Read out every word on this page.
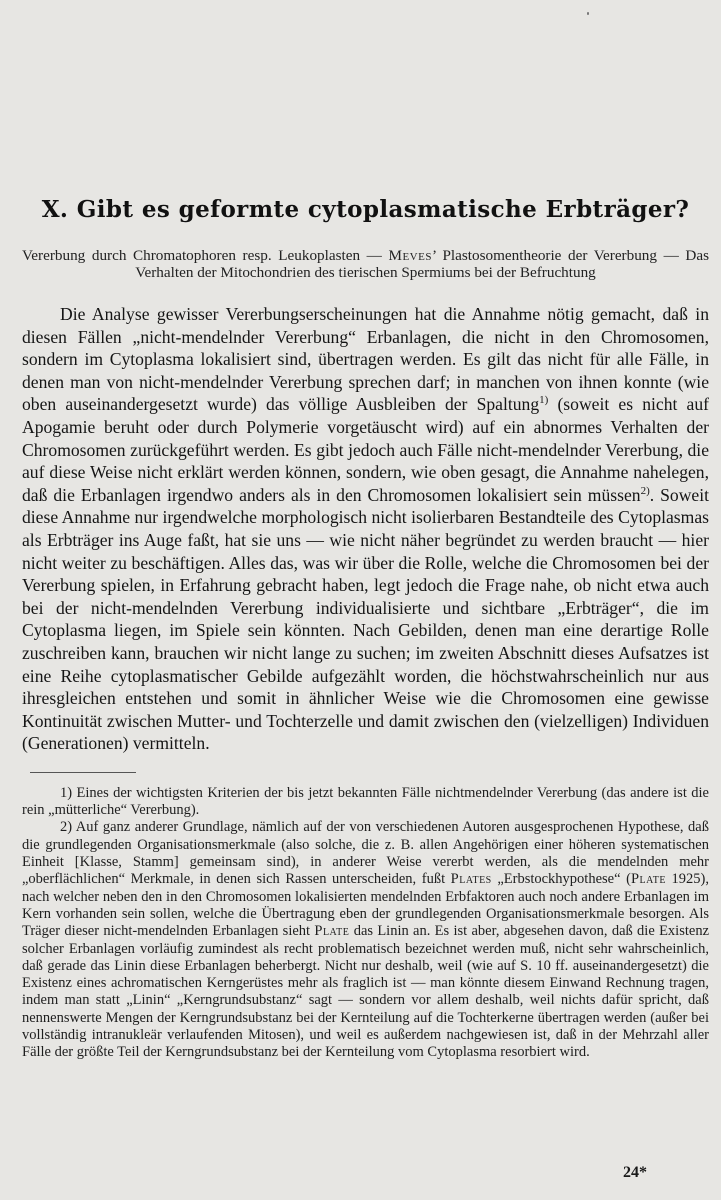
X. Gibt es geformte cytoplasmatische Erbträger?

Vererbung durch Chromatophoren resp. Leukoplasten — Meves’ Plastosomentheorie der Vererbung — Das Verhalten der Mitochondrien des tierischen Spermiums bei der Befruchtung

Die Analyse gewisser Vererbungserscheinungen hat die Annahme nötig gemacht, daß in diesen Fällen „nicht-mendelnder Vererbung“ Erbanlagen, die nicht in den Chromosomen, sondern im Cytoplasma lokalisiert sind, übertragen werden. Es gilt das nicht für alle Fälle, in denen man von nicht-mendelnder Vererbung sprechen darf; in manchen von ihnen konnte (wie oben auseinandergesetzt wurde) das völlige Ausbleiben der Spaltung$^{1)}$ (soweit es nicht auf Apogamie beruht oder durch Polymerie vorgetäuscht wird) auf ein abnormes Verhalten der Chromosomen zurückgeführt werden. Es gibt jedoch auch Fälle nicht-mendelnder Vererbung, die auf diese Weise nicht erklärt werden können, sondern, wie oben gesagt, die Annahme nahelegen, daß die Erbanlagen irgendwo anders als in den Chromosomen lokalisiert sein müssen$^{2)}$. Soweit diese Annahme nur irgendwelche morphologisch nicht isolierbaren Bestandteile des Cytoplasmas als Erbträger ins Auge faßt, hat sie uns — wie nicht näher begründet zu werden braucht — hier nicht weiter zu beschäftigen. Alles das, was wir über die Rolle, welche die Chromosomen bei der Vererbung spielen, in Erfahrung gebracht haben, legt jedoch die Frage nahe, ob nicht etwa auch bei der nicht-mendelnden Vererbung individualisierte und sichtbare „Erbträger“, die im Cytoplasma liegen, im Spiele sein könnten. Nach Gebilden, denen man eine derartige Rolle zuschreiben kann, brauchen wir nicht lange zu suchen; im zweiten Abschnitt dieses Aufsatzes ist eine Reihe cytoplasmatischer Gebilde aufgezählt worden, die höchstwahrscheinlich nur aus ihresgleichen entstehen und somit in ähnlicher Weise wie die Chromosomen eine gewisse Kontinuität zwischen Mutter- und Tochterzelle und damit zwischen den (vielzelligen) Individuen (Generationen) vermitteln.

1) Eines der wichtigsten Kriterien der bis jetzt bekannten Fälle nichtmendelnder Vererbung (das andere ist die rein „mütterliche“ Vererbung).

2) Auf ganz anderer Grundlage, nämlich auf der von verschiedenen Autoren ausgesprochenen Hypothese, daß die grundlegenden Organisationsmerkmale (also solche, die z. B. allen Angehörigen einer höheren systematischen Einheit [Klasse, Stamm] gemeinsam sind), in anderer Weise vererbt werden, als die mendelnden mehr „oberflächlichen“ Merkmale, in denen sich Rassen unterscheiden, fußt Plates „Erbstockhypothese“ (Plate 1925), nach welcher neben den in den Chromosomen lokalisierten mendelnden Erbfaktoren auch noch andere Erbanlagen im Kern vorhanden sein sollen, welche die Übertragung eben der grundlegenden Organisationsmerkmale besorgen. Als Träger dieser nicht-mendelnden Erbanlagen sieht Plate das Linin an. Es ist aber, abgesehen davon, daß die Existenz solcher Erbanlagen vorläufig zumindest als recht problematisch bezeichnet werden muß, nicht sehr wahrscheinlich, daß gerade das Linin diese Erbanlagen beherbergt. Nicht nur deshalb, weil (wie auf S. 10 ff. auseinandergesetzt) die Existenz eines achromatischen Kerngerüstes mehr als fraglich ist — man könnte diesem Einwand Rechnung tragen, indem man statt „Linin“ „Kerngrundsubstanz“ sagt — sondern vor allem deshalb, weil nichts dafür spricht, daß nennenswerte Mengen der Kerngrundsubstanz bei der Kernteilung auf die Tochterkerne übertragen werden (außer bei vollständig intranukleär verlaufenden Mitosen), und weil es außerdem nachgewiesen ist, daß in der Mehrzahl aller Fälle der größte Teil der Kerngrundsubstanz bei der Kernteilung vom Cytoplasma resorbiert wird.

24*
